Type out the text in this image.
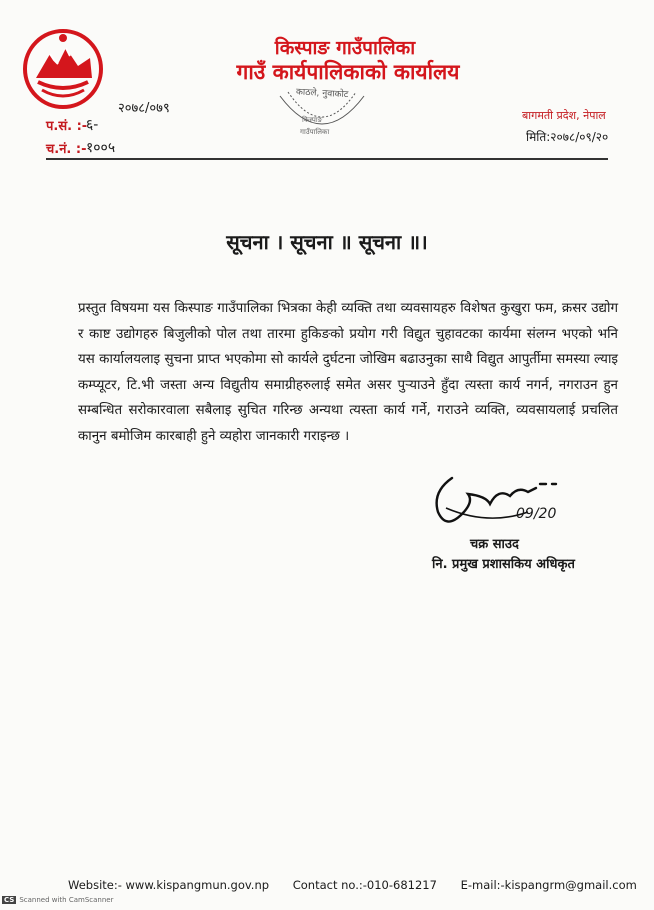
किस्पाङ गाउँपालिका
गाउँ कार्यपालिकाको कार्यालय
किस्पाङ
गाउँपालिका
काठले, नुवाकोट
२०७८/०७९
प.सं. :-
६-
च.नं. :- १००५
बागमती प्रदेश, नेपाल
मिति:२०७८/०९/२०
सूचना । सूचना ॥ सूचना ॥।
प्रस्तुत विषयमा यस किस्पाङ गाउँपालिका भित्रका केही व्यक्ति तथा व्यवसायहरु विशेषत कुखुरा फम, क्रसर उद्योग र काष्ट उद्योगहरु बिजुलीको पोल तथा तारमा हुकिङको प्रयोग गरी विद्युत चुहावटका कार्यमा संलग्न भएको भनि यस कार्यालयलाइ सुचना प्राप्त भएकोमा सो कार्यले दुर्घटना जोखिम बढाउनुका साथै विद्युत आपुर्तीमा समस्या ल्याइ कम्प्यूटर, टि.भी जस्ता अन्य विद्युतीय समाग्रीहरुलाई समेत असर पुऱ्याउने हुँदा त्यस्ता कार्य नगर्न, नगराउन हुन सम्बन्धित सरोकारवाला सबैलाइ सुचित गरिन्छ अन्यथा त्यस्ता कार्य गर्ने, गराउने व्यक्ति, व्यवसायलाई प्रचलित कानुन बमोजिम कारबाही हुने व्यहोरा जानकारी गराइन्छ ।
09/20
चक्र साउद
नि. प्रमुख प्रशासकिय अधिकृत
Website:- www.kispangmun.gov.np Contact no.:-010-681217 E-mail:-kispangrm@gmail.com
CS Scanned with CamScanner
